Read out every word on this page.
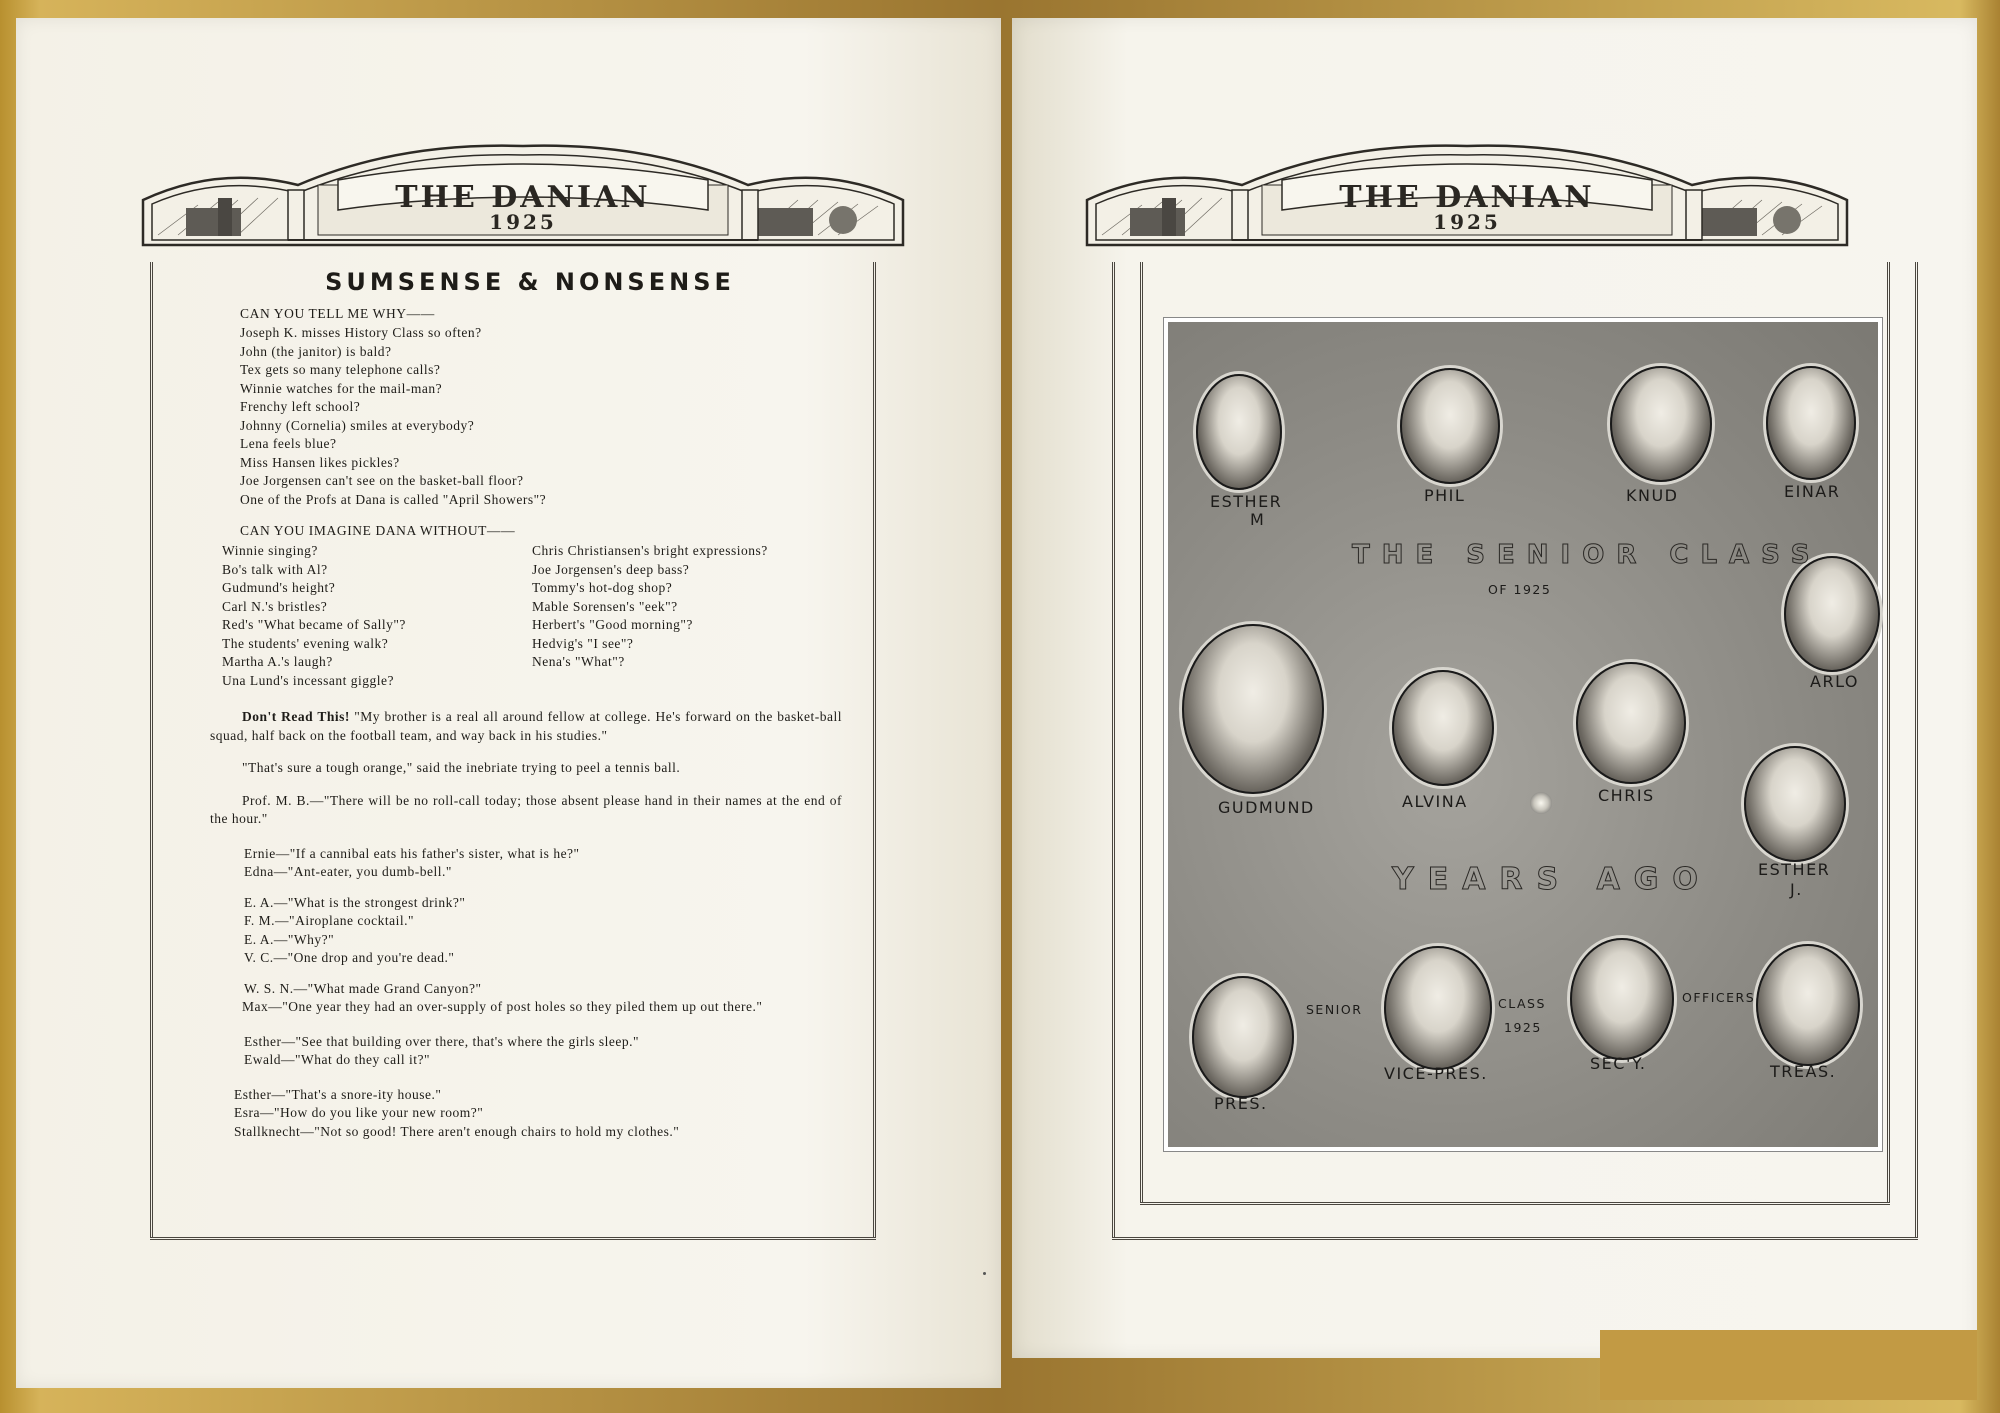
THE DANIAN
1925
THE DANIAN
1925
SUMSENSE & NONSENSE
CAN YOU TELL ME WHY——
Joseph K. misses History Class so often?
John (the janitor) is bald?
Tex gets so many telephone calls?
Winnie watches for the mail-man?
Frenchy left school?
Johnny (Cornelia) smiles at everybody?
Lena feels blue?
Miss Hansen likes pickles?
Joe Jorgensen can't see on the basket-ball floor?
One of the Profs at Dana is called "April Showers"?
CAN YOU IMAGINE DANA WITHOUT——
Winnie singing?
Bo's talk with Al?
Gudmund's height?
Carl N.'s bristles?
Red's "What became of Sally"?
The students' evening walk?
Martha A.'s laugh?
Una Lund's incessant giggle?
Chris Christiansen's bright expressions?
Joe Jorgensen's deep bass?
Tommy's hot-dog shop?
Mable Sorensen's "eek"?
Herbert's "Good morning"?
Hedvig's "I see"?
Nena's "What"?

Don't Read This! "My brother is a real all around fellow at college. He's forward on the basket-ball squad, half back on the football team, and way back in his studies."

"That's sure a tough orange," said the inebriate trying to peel a tennis ball.

Prof. M. B.—"There will be no roll-call today; those absent please hand in their names at the end of the hour."

Ernie—"If a cannibal eats his father's sister, what is he?"
Edna—"Ant-eater, you dumb-bell."
E. A.—"What is the strongest drink?"
F. M.—"Airoplane cocktail."
E. A.—"Why?"
V. C.—"One drop and you're dead."
W. S. N.—"What made Grand Canyon?"
Max—"One year they had an over-supply of post holes so they piled them up out there."
Esther—"See that building over there, that's where the girls sleep."
Ewald—"What do they call it?"
Esther—"That's a snore-ity house."
Esra—"How do you like your new room?"
Stallknecht—"Not so good! There aren't enough chairs to hold my clothes."
ESTHER
M
PHIL	KNUD	EINAR
ARLO
GUDMUND	ALVINA	CHRIS
ESTHER
J.
PRES.
VICE-PRES.
SEC'Y.	TREAS.
SENIOR	CLASS
1925
OFFICERS
THE SENIOR CLASS
OF 1925
YEARS AGO
